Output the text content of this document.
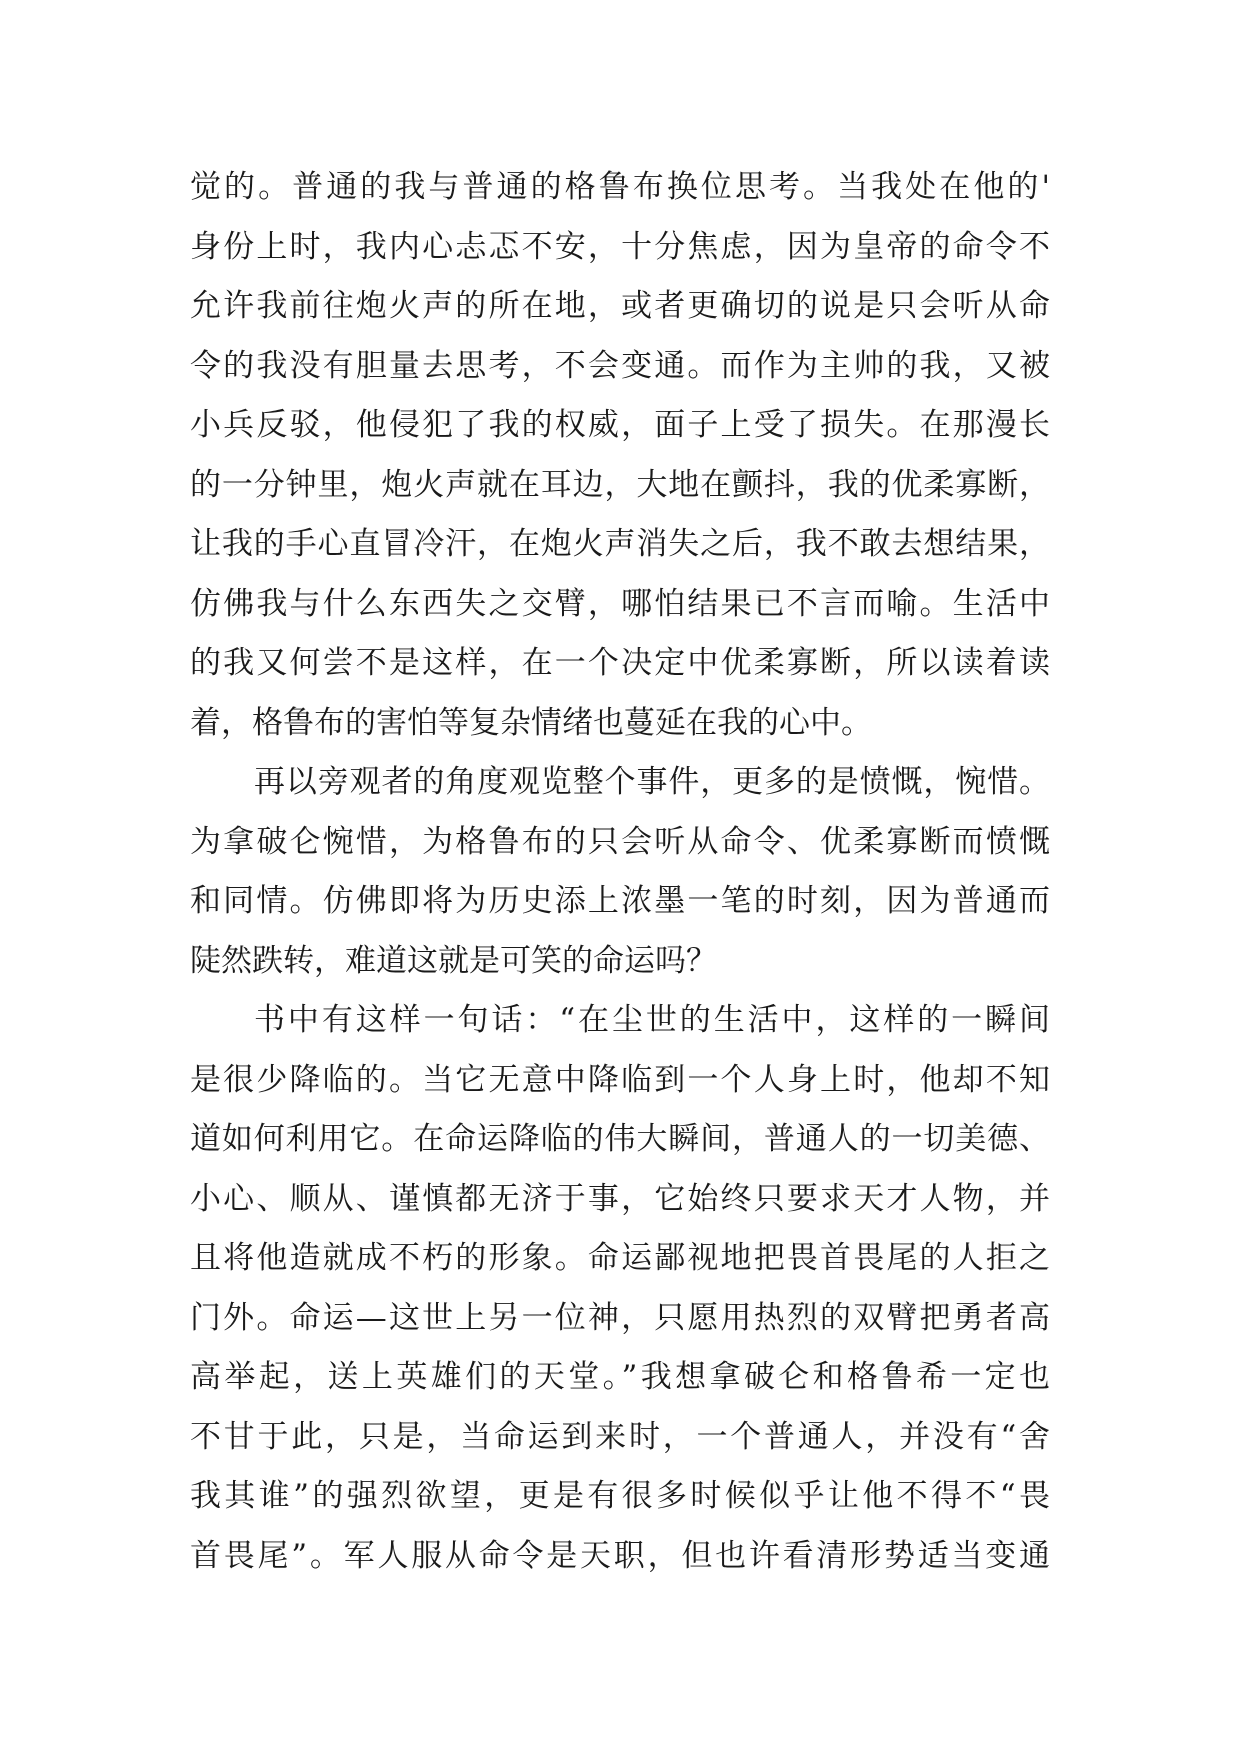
觉的。普通的我与普通的格鲁布换位思考。当我处在他的'
身份上时，我内心忐忑不安，十分焦虑，因为皇帝的命令不
允许我前往炮火声的所在地，或者更确切的说是只会听从命
令的我没有胆量去思考，不会变通。而作为主帅的我，又被
小兵反驳，他侵犯了我的权威，面子上受了损失。在那漫长
的一分钟里，炮火声就在耳边，大地在颤抖，我的优柔寡断，
让我的手心直冒冷汗，在炮火声消失之后，我不敢去想结果，
仿佛我与什么东西失之交臂，哪怕结果已不言而喻。生活中
的我又何尝不是这样，在一个决定中优柔寡断，所以读着读
着，格鲁布的害怕等复杂情绪也蔓延在我的心中。
再以旁观者的角度观览整个事件，更多的是愤慨，惋惜。
为拿破仑惋惜，为格鲁布的只会听从命令、优柔寡断而愤慨
和同情。仿佛即将为历史添上浓墨一笔的时刻，因为普通而
陡然跌转，难道这就是可笑的命运吗？
书中有这样一句话：“在尘世的生活中，这样的一瞬间
是很少降临的。当它无意中降临到一个人身上时，他却不知
道如何利用它。在命运降临的伟大瞬间，普通人的一切美德、
小心、顺从、谨慎都无济于事，它始终只要求天才人物，并
且将他造就成不朽的形象。命运鄙视地把畏首畏尾的人拒之
门外。命运—这世上另一位神，只愿用热烈的双臂把勇者高
高举起，送上英雄们的天堂。”我想拿破仑和格鲁希一定也
不甘于此，只是，当命运到来时，一个普通人，并没有“舍
我其谁”的强烈欲望，更是有很多时候似乎让他不得不“畏
首畏尾”。军人服从命令是天职，但也许看清形势适当变通
